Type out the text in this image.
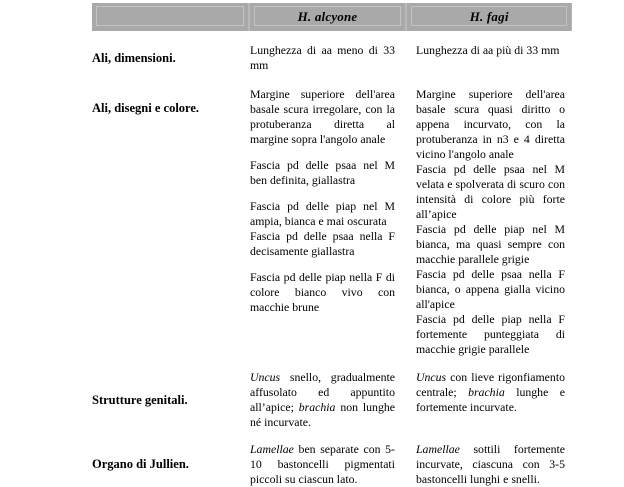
H. alcyone	H. fagi
Ali, dimensioni.

Lunghezza di aa meno di 33 mm

Lunghezza di aa più di 33 mm

Ali, disegni e colore.

Margine superiore dell'area basale scura irregolare, con la protuberanza diretta al margine sopra l'angolo anale

Fascia pd delle psaa nel M ben definita, giallastra

Fascia pd delle piap nel M ampia, bianca e mai oscurata

Fascia pd delle psaa nella F decisamente giallastra

Fascia pd delle piap nella F di colore bianco vivo con macchie brune

Margine superiore dell'area basale scura quasi diritto o appena incurvato, con la protuberanza in n3 e 4 diretta vicino l'angolo anale

Fascia pd delle psaa nel M velata e spolverata di scuro con intensità di colore più forte all’apice

Fascia pd delle piap nel M bianca, ma quasi sempre con macchie parallele grigie

Fascia pd delle psaa nella F bianca, o appena gialla vicino all'apice

Fascia pd delle piap nella F fortemente punteggiata di macchie grigie parallele

Strutture genitali.

Uncus snello, gradualmente affusolato ed appuntito all’apice; brachia non lunghe né incurvate.

Uncus con lieve rigonfiamento centrale; brachia lunghe e fortemente incurvate.

Organo di Jullien.

Lamellae ben separate con 5-10 bastoncelli pigmentati piccoli su ciascun lato.

Lamellae sottili fortemente incurvate, ciascuna con 3-5 bastoncelli lunghi e snelli.
